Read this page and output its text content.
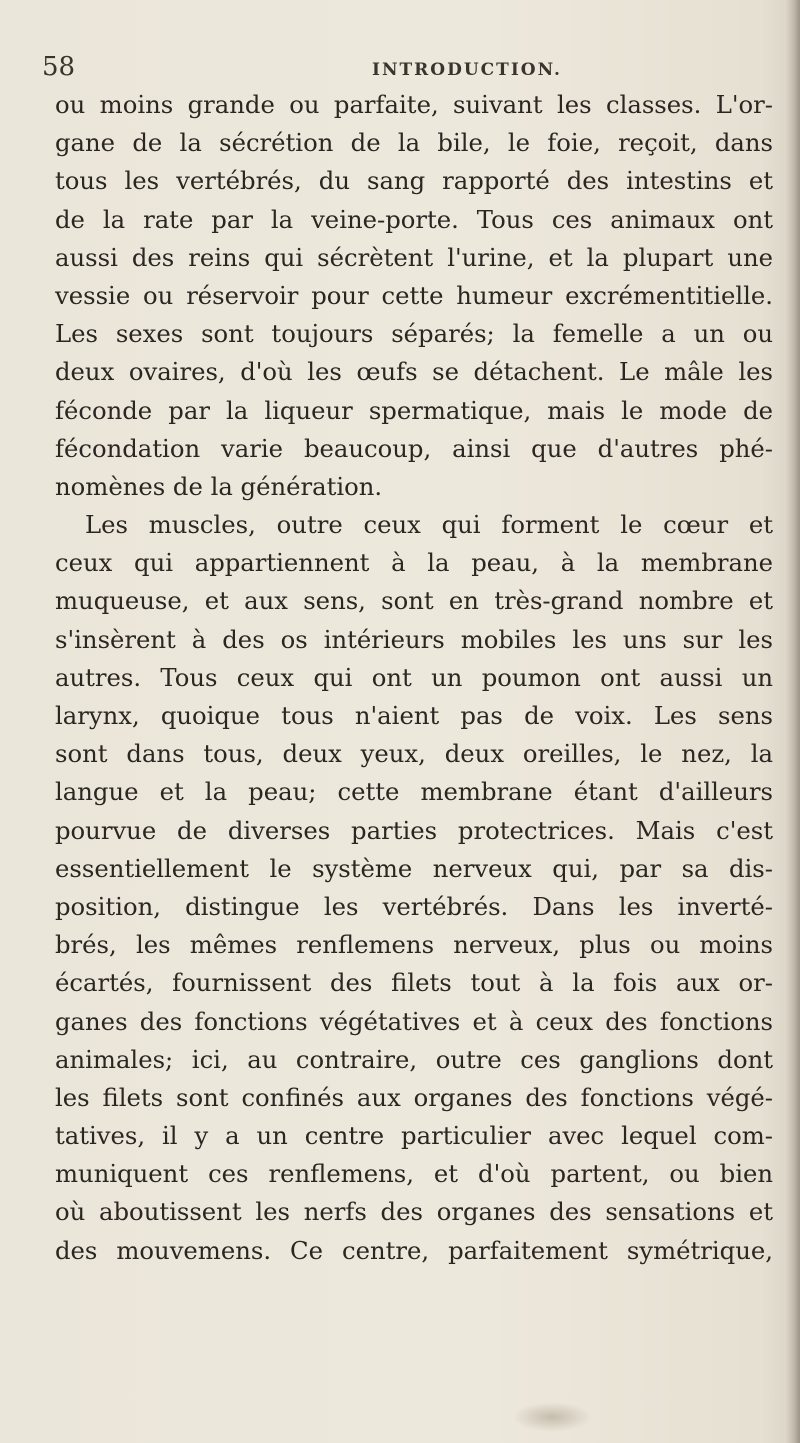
58	INTRODUCTION.
ou moins grande ou parfaite, suivant les classes. L'or-
gane de la sécrétion de la bile, le foie, reçoit, dans
tous les vertébrés, du sang rapporté des intestins et
de la rate par la veine-porte. Tous ces animaux ont
aussi des reins qui sécrètent l'urine, et la plupart une
vessie ou réservoir pour cette humeur excrémentitielle.
Les sexes sont toujours séparés; la femelle a un ou
deux ovaires, d'où les œufs se détachent. Le mâle les
féconde par la liqueur spermatique, mais le mode de
fécondation varie beaucoup, ainsi que d'autres phé-
nomènes de la génération.
Les muscles, outre ceux qui forment le cœur et
ceux qui appartiennent à la peau, à la membrane
muqueuse, et aux sens, sont en très-grand nombre et
s'insèrent à des os intérieurs mobiles les uns sur les
autres. Tous ceux qui ont un poumon ont aussi un
larynx, quoique tous n'aient pas de voix. Les sens
sont dans tous, deux yeux, deux oreilles, le nez, la
langue et la peau; cette membrane étant d'ailleurs
pourvue de diverses parties protectrices. Mais c'est
essentiellement le système nerveux qui, par sa dis-
position, distingue les vertébrés. Dans les inverté-
brés, les mêmes renflemens nerveux, plus ou moins
écartés, fournissent des filets tout à la fois aux or-
ganes des fonctions végétatives et à ceux des fonctions
animales; ici, au contraire, outre ces ganglions dont
les filets sont confinés aux organes des fonctions végé-
tatives, il y a un centre particulier avec lequel com-
muniquent ces renflemens, et d'où partent, ou bien
où aboutissent les nerfs des organes des sensations et
des mouvemens. Ce centre, parfaitement symétrique,
